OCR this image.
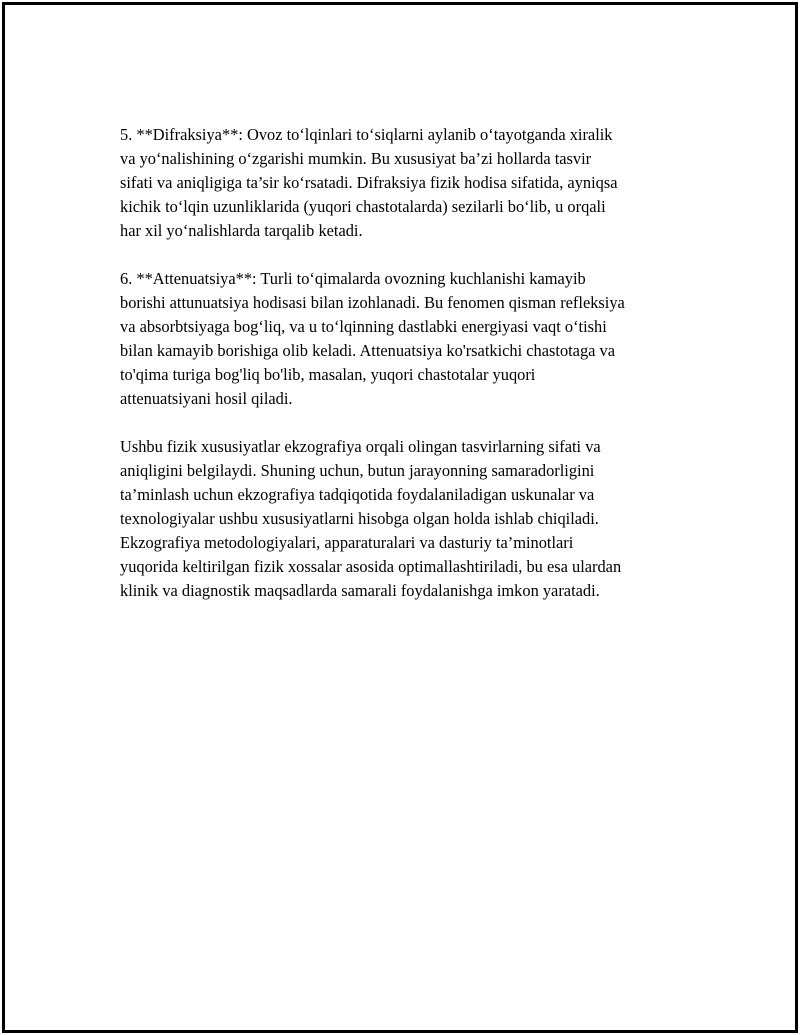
5. **Difraksiya**: Ovoz to‘lqinlari to‘siqlarni aylanib o‘tayotganda xiralik
va yo‘nalishining o‘zgarishi mumkin. Bu xususiyat ba’zi hollarda tasvir
sifati va aniqligiga ta’sir ko‘rsatadi. Difraksiya fizik hodisa sifatida, ayniqsa
kichik to‘lqin uzunliklarida (yuqori chastotalarda) sezilarli bo‘lib, u orqali
har xil yo‘nalishlarda tarqalib ketadi.

6. **Attenuatsiya**: Turli to‘qimalarda ovozning kuchlanishi kamayib
borishi attunuatsiya hodisasi bilan izohlanadi. Bu fenomen qisman refleksiya
va absorbtsiyaga bog‘liq, va u to‘lqinning dastlabki energiyasi vaqt o‘tishi
bilan kamayib borishiga olib keladi. Attenuatsiya ko'rsatkichi chastotaga va
to'qima turiga bog'liq bo'lib, masalan, yuqori chastotalar yuqori
attenuatsiyani hosil qiladi.

Ushbu fizik xususiyatlar ekzografiya orqali olingan tasvirlarning sifati va
aniqligini belgilaydi. Shuning uchun, butun jarayonning samaradorligini
ta’minlash uchun ekzografiya tadqiqotida foydalaniladigan uskunalar va
texnologiyalar ushbu xususiyatlarni hisobga olgan holda ishlab chiqiladi.
Ekzografiya metodologiyalari, apparaturalari va dasturiy ta’minotlari
yuqorida keltirilgan fizik xossalar asosida optimallashtiriladi, bu esa ulardan
klinik va diagnostik maqsadlarda samarali foydalanishga imkon yaratadi.
